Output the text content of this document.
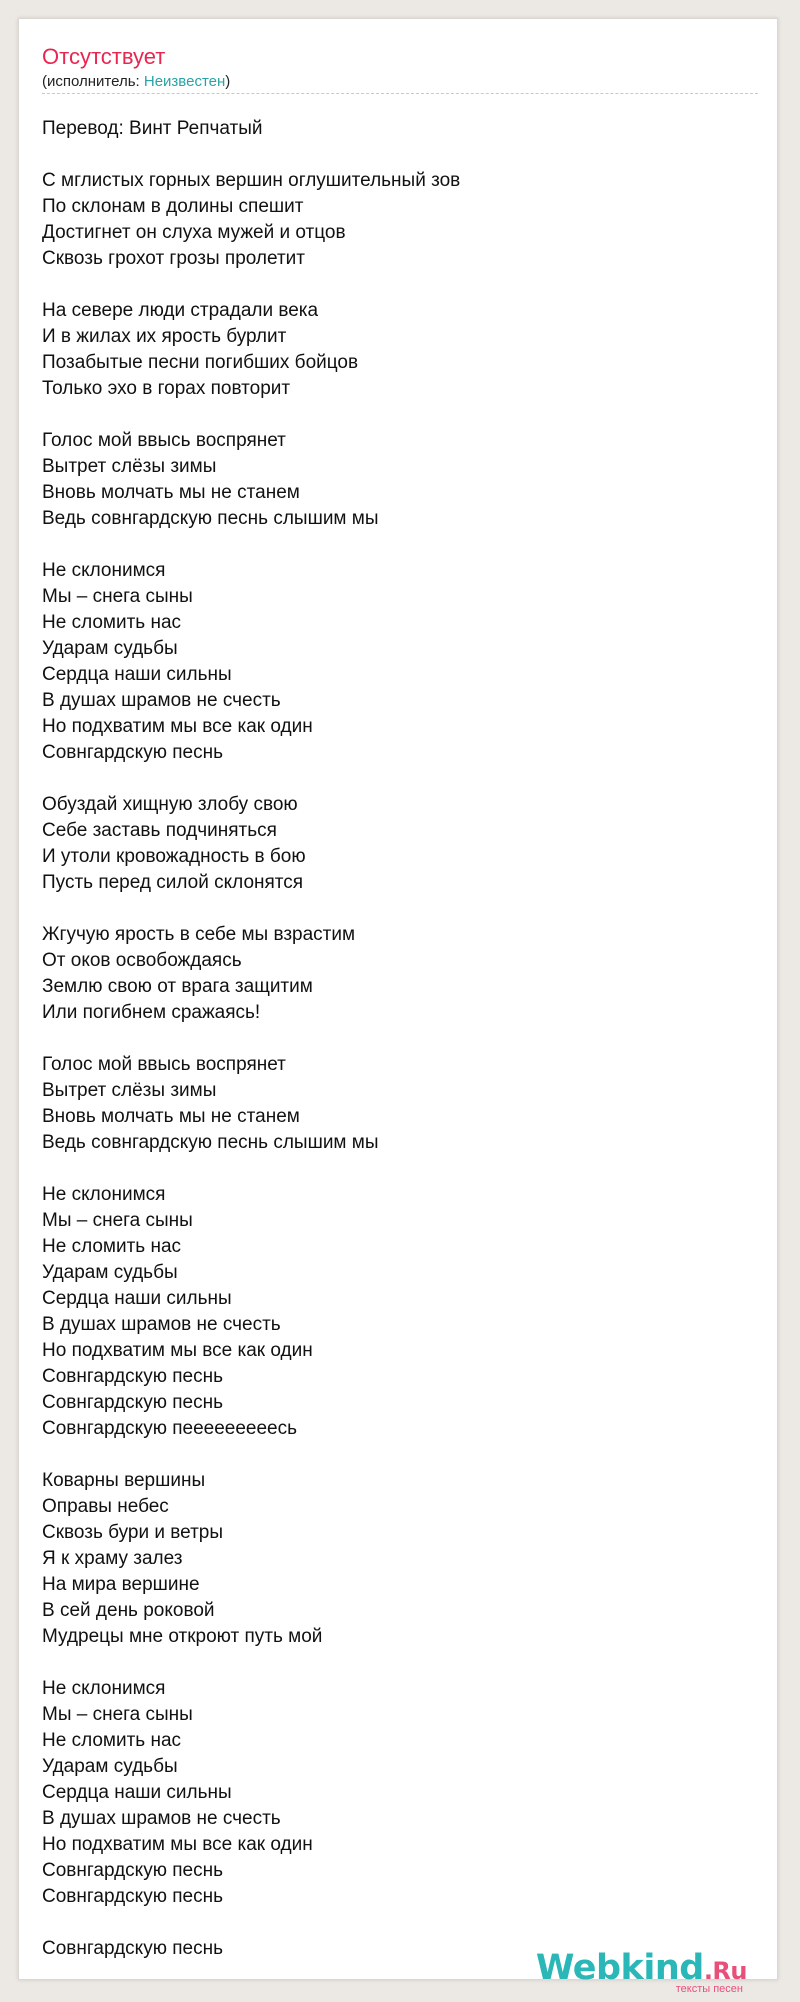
Отсутствует
(исполнитель: Неизвестен)
Перевод: Винт Репчатый
С мглистых горных вершин оглушительный зов
По склонам в долины спешит
Достигнет он слуха мужей и отцов
Сквозь грохот грозы пролетит
На севере люди страдали века
И в жилах их ярость бурлит
Позабытые песни погибших бойцов
Только эхо в горах повторит
Голос мой ввысь воспрянет
Вытрет слёзы зимы
Вновь молчать мы не станем
Ведь совнгардскую песнь слышим мы
Не склонимся
Мы – снега сыны
Не сломить нас
Ударам судьбы
Сердца наши сильны
В душах шрамов не счесть
Но подхватим мы все как один
Совнгардскую песнь
Обуздай хищную злобу свою
Себе заставь подчиняться
И утоли кровожадность в бою
Пусть перед силой склонятся
Жгучую ярость в себе мы взрастим
От оков освобождаясь
Землю свою от врага защитим
Или погибнем сражаясь!
Голос мой ввысь воспрянет
Вытрет слёзы зимы
Вновь молчать мы не станем
Ведь совнгардскую песнь слышим мы
Не склонимся
Мы – снега сыны
Не сломить нас
Ударам судьбы
Сердца наши сильны
В душах шрамов не счесть
Но подхватим мы все как один
Совнгардскую песнь
Совнгардскую песнь
Совнгардскую пееееееееесь
Коварны вершины
Оправы небес
Сквозь бури и ветры
Я к храму залез
На мира вершине
В сей день роковой
Мудрецы мне откроют путь мой
Не склонимся
Мы – снега сыны
Не сломить нас
Ударам судьбы
Сердца наши сильны
В душах шрамов не счесть
Но подхватим мы все как один
Совнгардскую песнь
Совнгардскую песнь
Совнгардскую песнь	Webkind.Ru
тексты песен
